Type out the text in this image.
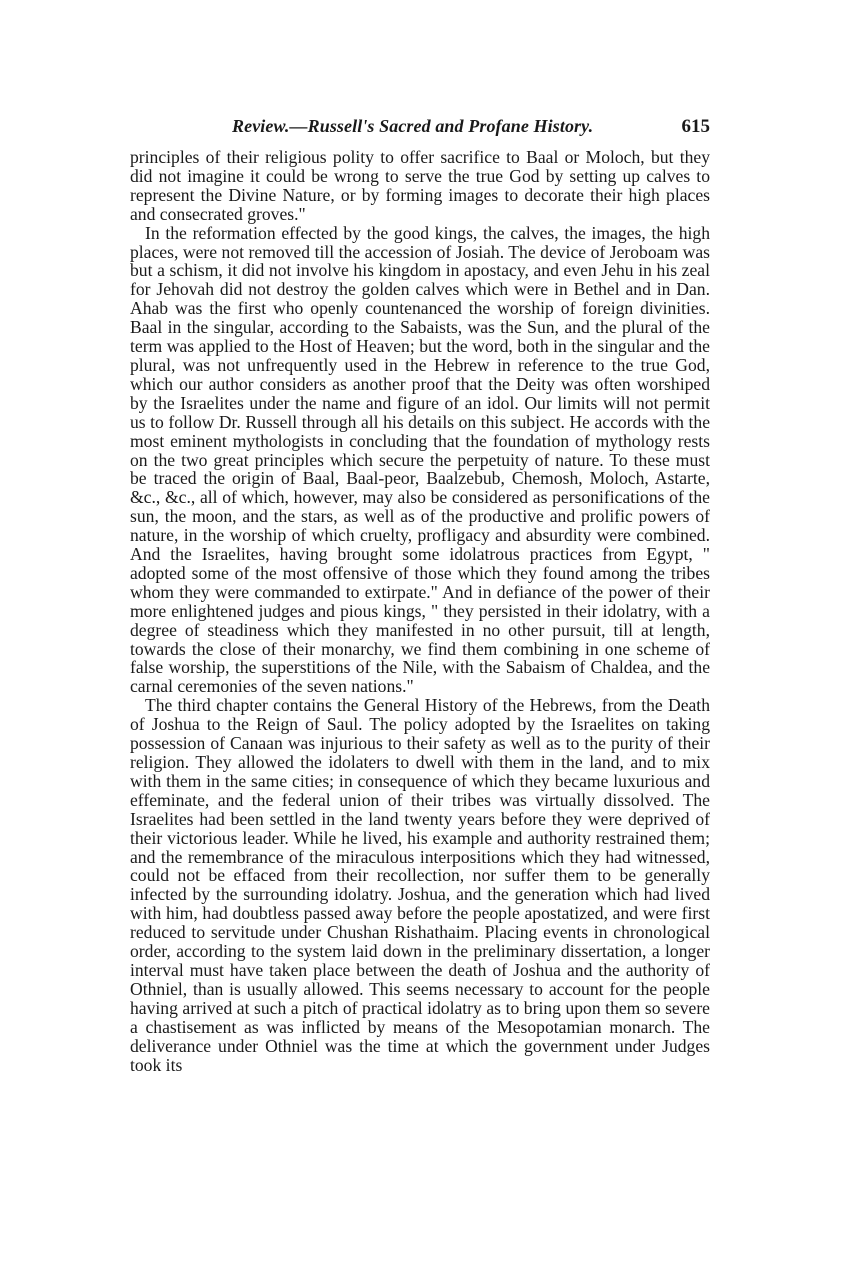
Review.—Russell's Sacred and Profane History.	615

principles of their religious polity to offer sacrifice to Baal or Moloch, but they did not imagine it could be wrong to serve the true God by setting up calves to represent the Divine Nature, or by forming images to decorate their high places and consecrated groves."

In the reformation effected by the good kings, the calves, the images, the high places, were not removed till the accession of Josiah. The device of Jeroboam was but a schism, it did not involve his kingdom in apostacy, and even Jehu in his zeal for Jehovah did not destroy the golden calves which were in Bethel and in Dan. Ahab was the first who openly countenanced the worship of foreign divinities. Baal in the singular, according to the Sabaists, was the Sun, and the plural of the term was applied to the Host of Heaven; but the word, both in the singular and the plural, was not unfrequently used in the Hebrew in reference to the true God, which our author considers as another proof that the Deity was often worshiped by the Israelites under the name and figure of an idol. Our limits will not permit us to follow Dr. Russell through all his details on this subject. He accords with the most eminent mythologists in concluding that the foundation of mythology rests on the two great principles which secure the perpetuity of nature. To these must be traced the origin of Baal, Baal-peor, Baalzebub, Chemosh, Moloch, Astarte, &c., &c., all of which, however, may also be considered as personifications of the sun, the moon, and the stars, as well as of the productive and prolific powers of nature, in the worship of which cruelty, profligacy and absurdity were combined. And the Israelites, having brought some idolatrous practices from Egypt, " adopted some of the most offensive of those which they found among the tribes whom they were commanded to extirpate." And in defiance of the power of their more enlightened judges and pious kings, " they persisted in their idolatry, with a degree of steadiness which they manifested in no other pursuit, till at length, towards the close of their monarchy, we find them combining in one scheme of false worship, the superstitions of the Nile, with the Sabaism of Chaldea, and the carnal ceremonies of the seven nations."

The third chapter contains the General History of the Hebrews, from the Death of Joshua to the Reign of Saul. The policy adopted by the Israelites on taking possession of Canaan was injurious to their safety as well as to the purity of their religion. They allowed the idolaters to dwell with them in the land, and to mix with them in the same cities; in consequence of which they became luxurious and effeminate, and the federal union of their tribes was virtually dissolved. The Israelites had been settled in the land twenty years before they were deprived of their victorious leader. While he lived, his example and authority restrained them; and the remembrance of the miraculous interpositions which they had witnessed, could not be effaced from their recollection, nor suffer them to be generally infected by the surrounding idolatry. Joshua, and the generation which had lived with him, had doubtless passed away before the people apostatized, and were first reduced to servitude under Chushan Rishathaim. Placing events in chronological order, according to the system laid down in the preliminary dissertation, a longer interval must have taken place between the death of Joshua and the authority of Othniel, than is usually allowed. This seems necessary to account for the people having arrived at such a pitch of practical idolatry as to bring upon them so severe a chastisement as was inflicted by means of the Mesopotamian monarch. The deliverance under Othniel was the time at which the government under Judges took its
